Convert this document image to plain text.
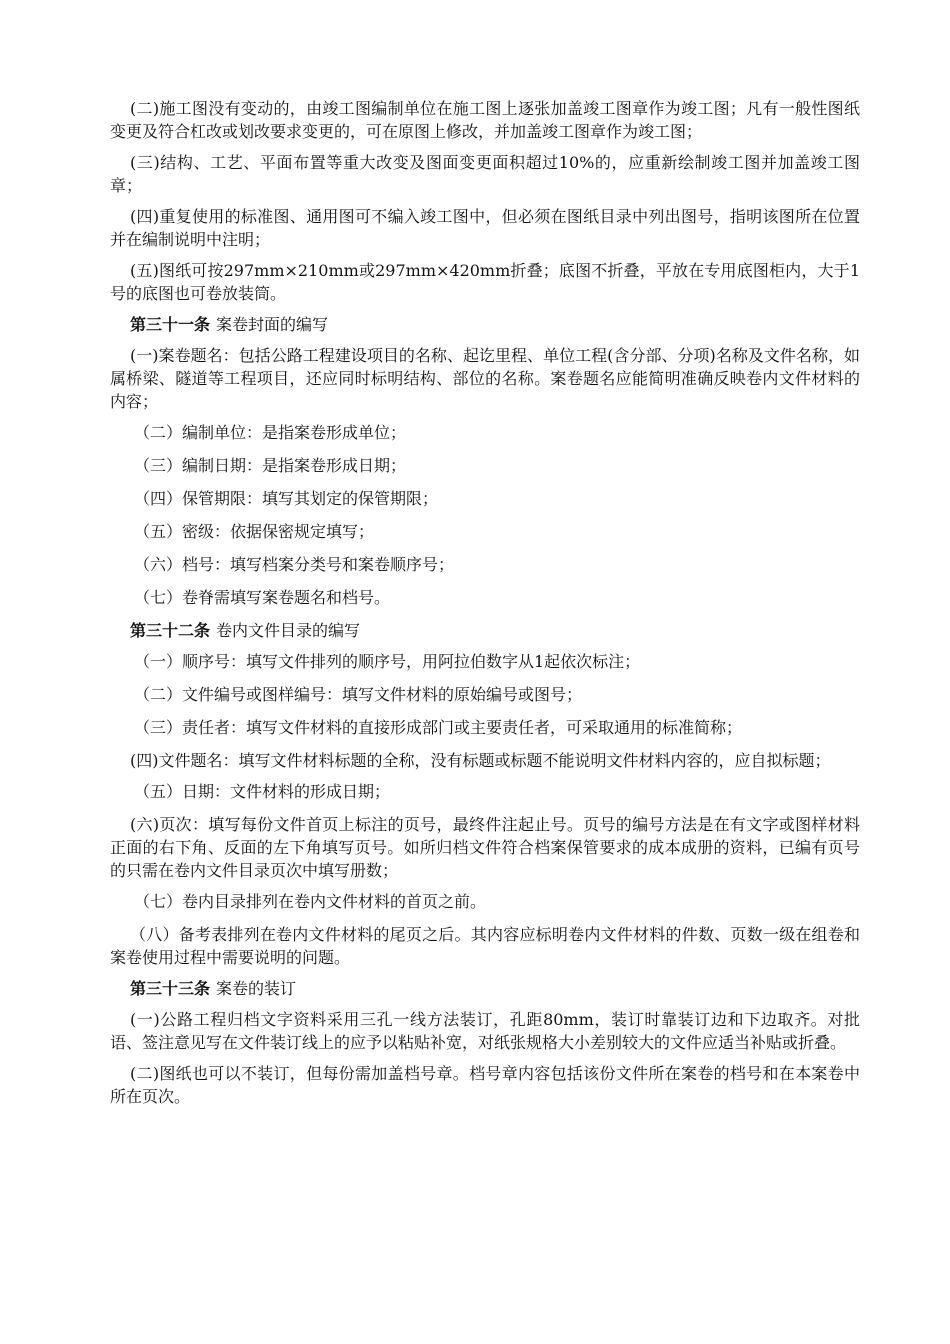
(二)施工图没有变动的，由竣工图编制单位在施工图上逐张加盖竣工图章作为竣工图；凡有一般性图纸变更及符合杠改或划改要求变更的，可在原图上修改，并加盖竣工图章作为竣工图；

(三)结构、工艺、平面布置等重大改变及图面变更面积超过10%的，应重新绘制竣工图并加盖竣工图章；

(四)重复使用的标准图、通用图可不编入竣工图中，但必须在图纸目录中列出图号，指明该图所在位置并在编制说明中注明；

(五)图纸可按297mm×210mm或297mm×420mm折叠；底图不折叠，平放在专用底图柜内，大于1号的底图也可卷放装筒。

第三十一条 案卷封面的编写

(一)案卷题名：包括公路工程建设项目的名称、起讫里程、单位工程(含分部、分项)名称及文件名称，如属桥梁、隧道等工程项目，还应同时标明结构、部位的名称。案卷题名应能简明准确反映卷内文件材料的内容；

（二）编制单位：是指案卷形成单位；

（三）编制日期：是指案卷形成日期；

（四）保管期限：填写其划定的保管期限；

（五）密级：依据保密规定填写；

（六）档号：填写档案分类号和案卷顺序号；

（七）卷脊需填写案卷题名和档号。

第三十二条 卷内文件目录的编写

（一）顺序号：填写文件排列的顺序号，用阿拉伯数字从1起依次标注；

（二）文件编号或图样编号：填写文件材料的原始编号或图号；

（三）责任者：填写文件材料的直接形成部门或主要责任者，可采取通用的标准简称；

(四)文件题名：填写文件材料标题的全称，没有标题或标题不能说明文件材料内容的，应自拟标题；

（五）日期：文件材料的形成日期；

(六)页次：填写每份文件首页上标注的页号，最终件注起止号。页号的编号方法是在有文字或图样材料正面的右下角、反面的左下角填写页号。如所归档文件符合档案保管要求的成本成册的资料，已编有页号的只需在卷内文件目录页次中填写册数；

（七）卷内目录排列在卷内文件材料的首页之前。

（八）备考表排列在卷内文件材料的尾页之后。其内容应标明卷内文件材料的件数、页数一级在组卷和案卷使用过程中需要说明的问题。

第三十三条 案卷的装订

(一)公路工程归档文字资料采用三孔一线方法装订，孔距80mm，装订时靠装订边和下边取齐。对批语、签注意见写在文件装订线上的应予以粘贴补宽，对纸张规格大小差别较大的文件应适当补贴或折叠。

(二)图纸也可以不装订，但每份需加盖档号章。档号章内容包括该份文件所在案卷的档号和在本案卷中所在页次。
